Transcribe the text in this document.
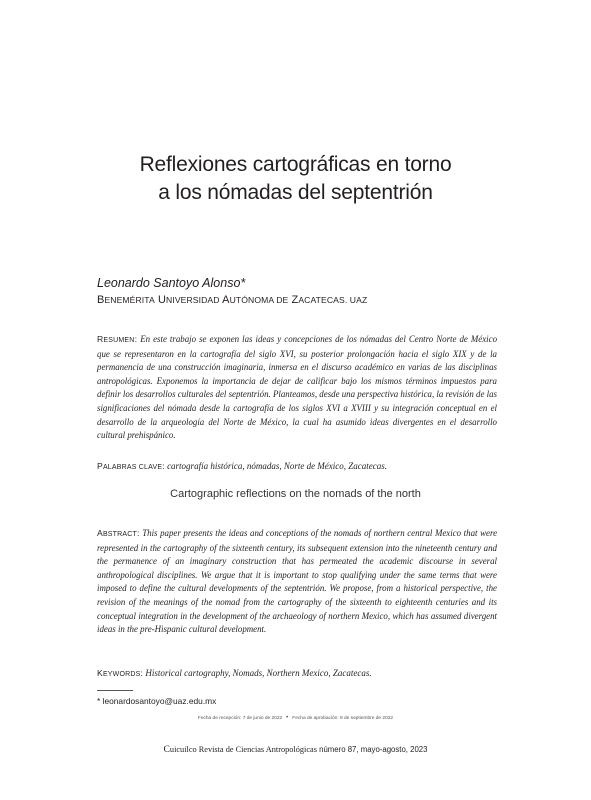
Reflexiones cartográficas en torno
a los nómadas del septentrión
Leonardo Santoyo Alonso*
BENEMÉRITA UNIVERSIDAD AUTÓNOMA DE ZACATECAS. UAZ
RESUMEN: En este trabajo se exponen las ideas y concepciones de los nómadas del Centro Norte de México que se representaron en la cartografía del siglo XVI, su posterior prolongación hacia el siglo XIX y de la permanencia de una construcción imaginaria, inmersa en el discurso académico en varias de las disciplinas antropológicas. Exponemos la importancia de dejar de calificar bajo los mismos términos impuestos para definir los desarrollos culturales del septentrión. Planteamos, desde una perspectiva histórica, la revisión de las significaciones del nómada desde la cartografía de los siglos XVI a XVIII y su integración conceptual en el desarrollo de la arqueología del Norte de México, la cual ha asumido ideas divergentes en el desarrollo cultural prehispánico.
PALABRAS CLAVE: cartografía histórica, nómadas, Norte de México, Zacatecas.
Cartographic reflections on the nomads of the north
ABSTRACT: This paper presents the ideas and conceptions of the nomads of northern central Mexico that were represented in the cartography of the sixteenth century, its subsequent extension into the nineteenth century and the permanence of an imaginary construction that has permeated the academic discourse in several anthropological disciplines. We argue that it is important to stop qualifying under the same terms that were imposed to define the cultural developments of the septentrión. We propose, from a historical perspective, the revision of the meanings of the nomad from the cartography of the sixteenth to eighteenth centuries and its conceptual integration in the development of the archaeology of northern Mexico, which has assumed divergent ideas in the pre-Hispanic cultural development.
KEYWORDS: Historical cartography, Nomads, Northern Mexico, Zacatecas.
* leonardosantoyo@uaz.edu.mx
Fecha de recepción: 7 de junio de 2022 • Fecha de aprobación: 8 de septiembre de 2022
Cuicuilco Revista de Ciencias Antropológicas número 87, mayo-agosto, 2023
